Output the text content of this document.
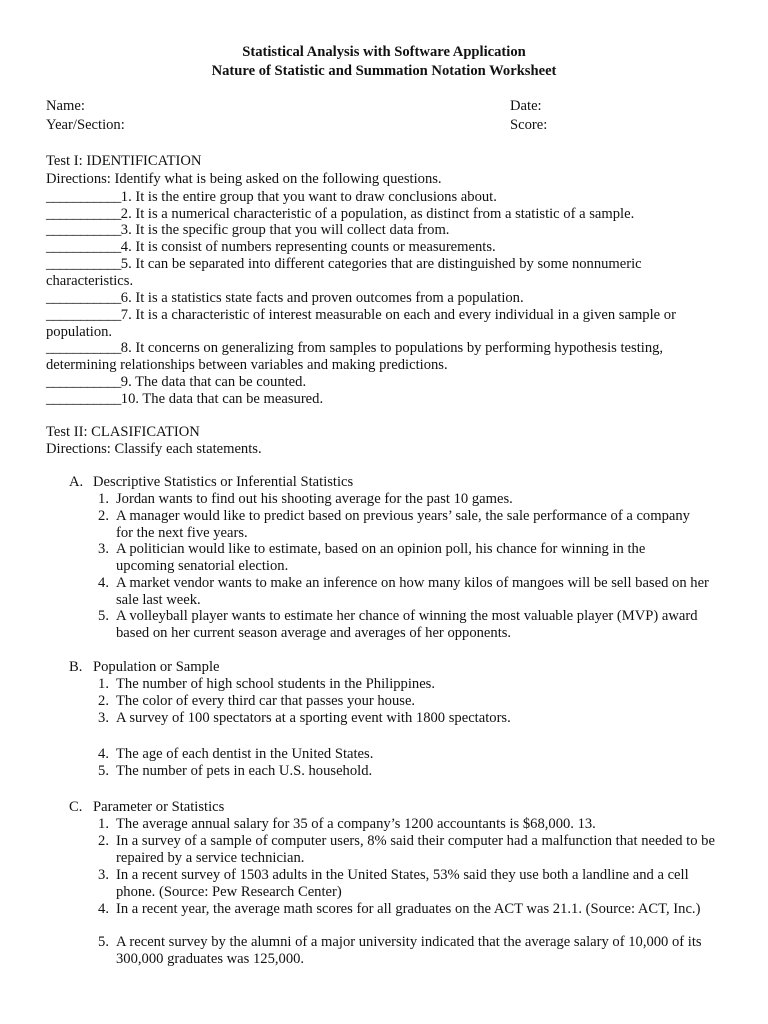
Statistical Analysis with Software Application
Nature of Statistic and Summation Notation Worksheet
Name:	Date:
Year/Section:	Score:
Test I: IDENTIFICATION
Directions: Identify what is being asked on the following questions.
___________1. It is the entire group that you want to draw conclusions about.
___________2. It is a numerical characteristic of a population, as distinct from a statistic of a sample.
___________3. It is the specific group that you will collect data from.
___________4. It is consist of numbers representing counts or measurements.
___________5. It can be separated into different categories that are distinguished by some nonnumeric characteristics.
___________6. It is a statistics state facts and proven outcomes from a population.
___________7. It is a characteristic of interest measurable on each and every individual in a given sample or population.
___________8. It concerns on generalizing from samples to populations by performing hypothesis testing, determining relationships between variables and making predictions.
___________9. The data that can be counted.
___________10. The data that can be measured.
Test II: CLASIFICATION
Directions: Classify each statements.
A. Descriptive Statistics or Inferential Statistics
1. Jordan wants to find out his shooting average for the past 10 games.
2. A manager would like to predict based on previous years’ sale, the sale performance of a company for the next five years.
3. A politician would like to estimate, based on an opinion poll, his chance for winning in the upcoming senatorial election.
4. A market vendor wants to make an inference on how many kilos of mangoes will be sell based on her sale last week.
5. A volleyball player wants to estimate her chance of winning the most valuable player (MVP) award based on her current season average and averages of her opponents.
B. Population or Sample
1. The number of high school students in the Philippines.
2. The color of every third car that passes your house.
3. A survey of 100 spectators at a sporting event with 1800 spectators.
4. The age of each dentist in the United States.
5. The number of pets in each U.S. household.
C. Parameter or Statistics
1. The average annual salary for 35 of a company’s 1200 accountants is $68,000. 13.
2. In a survey of a sample of computer users, 8% said their computer had a malfunction that needed to be repaired by a service technician.
3. In a recent survey of 1503 adults in the United States, 53% said they use both a landline and a cell phone. (Source: Pew Research Center)
4. In a recent year, the average math scores for all graduates on the ACT was 21.1. (Source: ACT, Inc.)
5. A recent survey by the alumni of a major university indicated that the average salary of 10,000 of its 300,000 graduates was 125,000.
